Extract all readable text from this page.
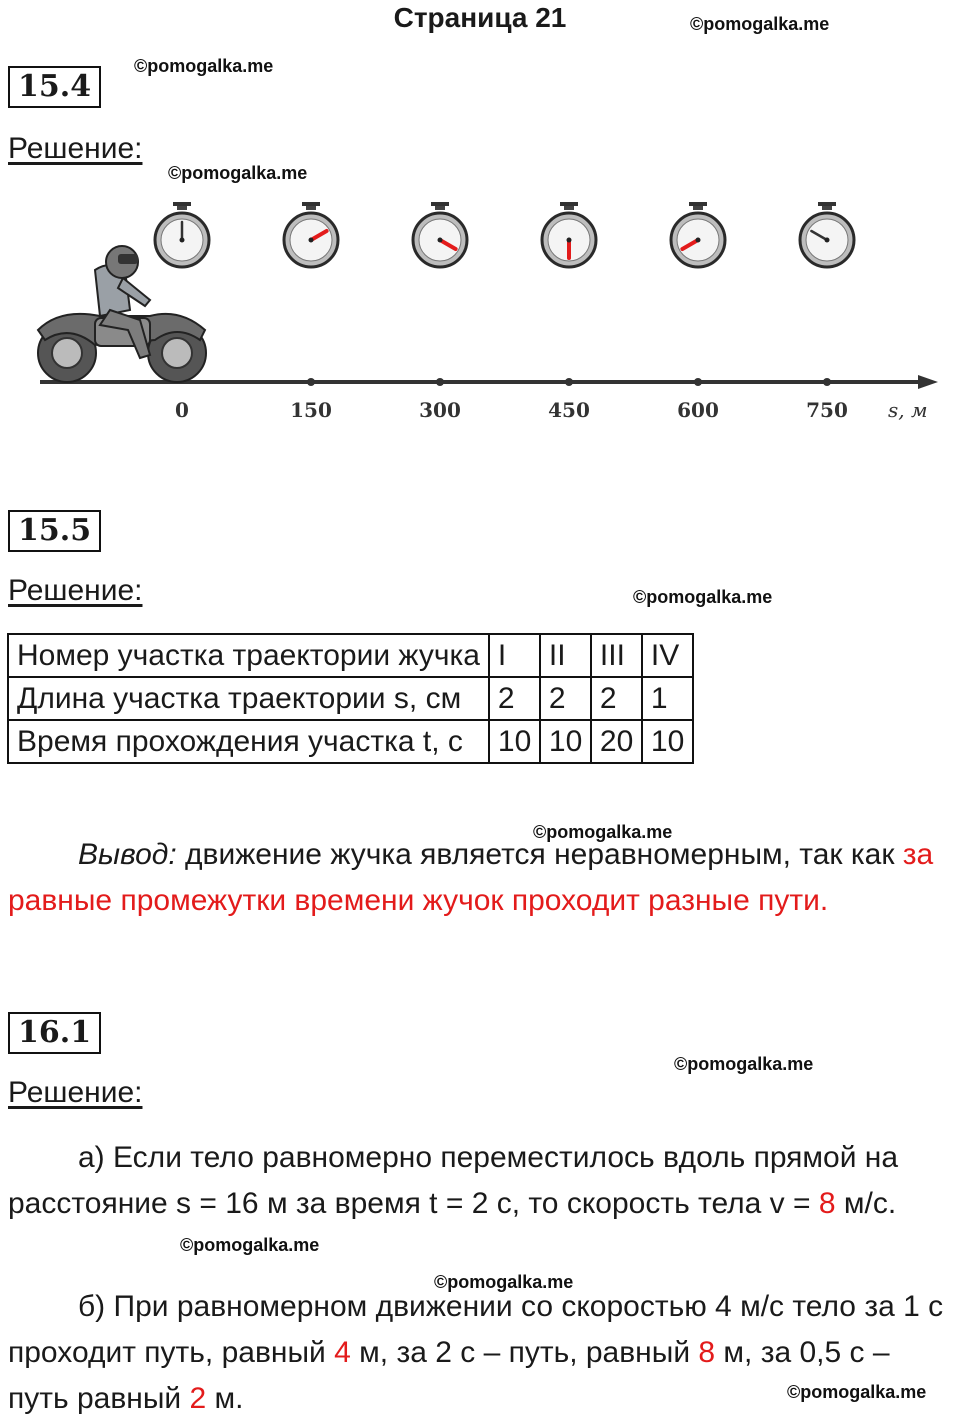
Страница 21	©pomogalka.me
©pomogalka.me
©pomogalka.me
©pomogalka.me
©pomogalka.me
©pomogalka.me
©pomogalka.me
©pomogalka.me
©pomogalka.me
15.4
Решение:
0	150	300	450	600	750 s, м
15.5
Решение:
Номер участка траектории жучка	I	II	III	IV
Длина участка траектории s, см	2	2	2	1
Время прохождения участка t, с	10	10	20	10
Вывод: движение жучка является неравномерным, так как за равные промежутки времени жучок проходит разные пути.
16.1
Решение:
а) Если тело равномерно переместилось вдоль прямой на расстояние s = 16 м за время t = 2 с, то скорость тела v = 8 м/с.
б) При равномерном движении со скоростью 4 м/с тело за 1 с проходит путь, равный 4 м, за 2 с – путь, равный 8 м, за 0,5 с – путь равный 2 м.
